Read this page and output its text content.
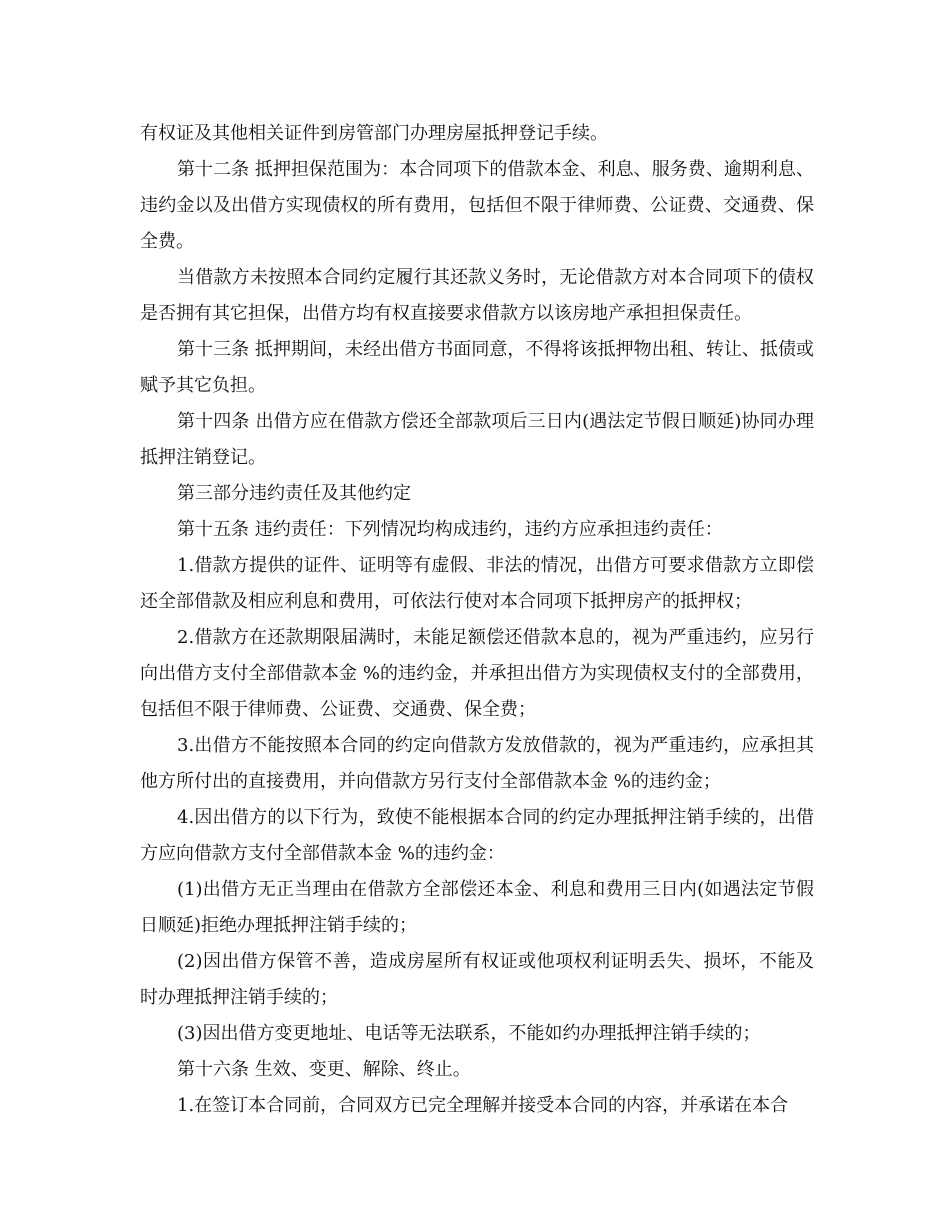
有权证及其他相关证件到房管部门办理房屋抵押登记手续。

第十二条 抵押担保范围为：本合同项下的借款本金、利息、服务费、逾期利息、违约金以及出借方实现债权的所有费用，包括但不限于律师费、公证费、交通费、保全费。

当借款方未按照本合同约定履行其还款义务时，无论借款方对本合同项下的债权是否拥有其它担保，出借方均有权直接要求借款方以该房地产承担担保责任。

第十三条 抵押期间，未经出借方书面同意，不得将该抵押物出租、转让、抵债或赋予其它负担。

第十四条 出借方应在借款方偿还全部款项后三日内(遇法定节假日顺延)协同办理抵押注销登记。

第三部分违约责任及其他约定

第十五条 违约责任：下列情况均构成违约，违约方应承担违约责任：

1.借款方提供的证件、证明等有虚假、非法的情况，出借方可要求借款方立即偿还全部借款及相应利息和费用，可依法行使对本合同项下抵押房产的抵押权；

2.借款方在还款期限届满时，未能足额偿还借款本息的，视为严重违约，应另行向出借方支付全部借款本金 %的违约金，并承担出借方为实现债权支付的全部费用，包括但不限于律师费、公证费、交通费、保全费；

3.出借方不能按照本合同的约定向借款方发放借款的，视为严重违约，应承担其他方所付出的直接费用，并向借款方另行支付全部借款本金 %的违约金；

4.因出借方的以下行为，致使不能根据本合同的约定办理抵押注销手续的，出借方应向借款方支付全部借款本金 %的违约金：

(1)出借方无正当理由在借款方全部偿还本金、利息和费用三日内(如遇法定节假日顺延)拒绝办理抵押注销手续的；

(2)因出借方保管不善，造成房屋所有权证或他项权利证明丢失、损坏，不能及时办理抵押注销手续的；

(3)因出借方变更地址、电话等无法联系，不能如约办理抵押注销手续的；

第十六条 生效、变更、解除、终止。

1.在签订本合同前，合同双方已完全理解并接受本合同的内容，并承诺在本合
